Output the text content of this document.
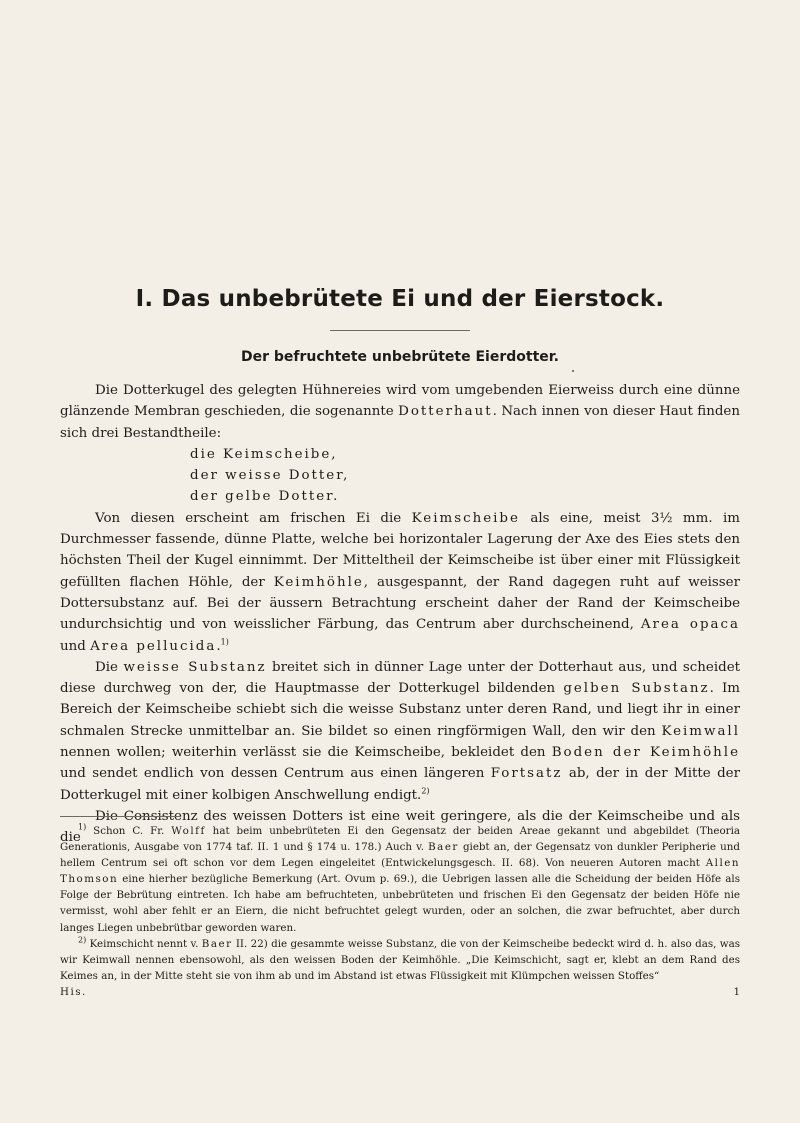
I. Das unbebrütete Ei und der Eierstock.
Der befruchtete unbebrütete Eierdotter.

Die Dotterkugel des gelegten Hühnereies wird vom umgebenden Eierweiss durch eine dünne glänzende Membran geschieden, die sogenannte Dotterhaut. Nach innen von dieser Haut finden sich drei Bestandtheile:

die Keimscheibe,

der weisse Dotter,

der gelbe Dotter.

Von diesen erscheint am frischen Ei die Keimscheibe als eine, meist 3½ mm. im Durchmesser fassende, dünne Platte, welche bei horizontaler Lagerung der Axe des Eies stets den höchsten Theil der Kugel einnimmt. Der Mitteltheil der Keimscheibe ist über einer mit Flüssigkeit gefüllten flachen Höhle, der Keimhöhle, ausgespannt, der Rand dagegen ruht auf weisser Dottersubstanz auf. Bei der äussern Betrachtung erscheint daher der Rand der Keimscheibe undurchsichtig und von weisslicher Färbung, das Centrum aber durchscheinend, Area opaca und Area pellucida.$^{1)}$

Die weisse Substanz breitet sich in dünner Lage unter der Dotterhaut aus, und scheidet diese durchweg von der, die Hauptmasse der Dotterkugel bildenden gelben Substanz. Im Bereich der Keimscheibe schiebt sich die weisse Substanz unter deren Rand, und liegt ihr in einer schmalen Strecke unmittelbar an. Sie bildet so einen ringförmigen Wall, den wir den Keimwall nennen wollen; weiterhin verlässt sie die Keimscheibe, bekleidet den Boden der Keimhöhle und sendet endlich von dessen Centrum aus einen längeren Fortsatz ab, der in der Mitte der Dotterkugel mit einer kolbigen Anschwellung endigt.$^{2)}$

Die Consistenz des weissen Dotters ist eine weit geringere, als die der Keimscheibe und als die

$^{1)}$ Schon C. Fr. Wolff hat beim unbebrüteten Ei den Gegensatz der beiden Areae gekannt und abgebildet (Theoria Generationis, Ausgabe von 1774 taf. II. 1 und § 174 u. 178.) Auch v. Baer giebt an, der Gegensatz von dunkler Peripherie und hellem Centrum sei oft schon vor dem Legen eingeleitet (Entwickelungsgesch. II. 68). Von neueren Autoren macht Allen Thomson eine hierher bezügliche Bemerkung (Art. Ovum p. 69.), die Uebrigen lassen alle die Scheidung der beiden Höfe als Folge der Bebrütung eintreten. Ich habe am befruchteten, unbebrüteten und frischen Ei den Gegensatz der beiden Höfe nie vermisst, wohl aber fehlt er an Eiern, die nicht befruchtet gelegt wurden, oder an solchen, die zwar befruchtet, aber durch langes Liegen unbebrütbar geworden waren.

$^{2)}$ Keimschicht nennt v. Baer II. 22) die gesammte weisse Substanz, die von der Keimscheibe bedeckt wird d. h. also das, was wir Keimwall nennen ebensowohl, als den weissen Boden der Keimhöhle. „Die Keimschicht, sagt er, klebt an dem Rand des Keimes an, in der Mitte steht sie von ihm ab und im Abstand ist etwas Flüssigkeit mit Klümpchen weissen Stoffes“

His.	1
